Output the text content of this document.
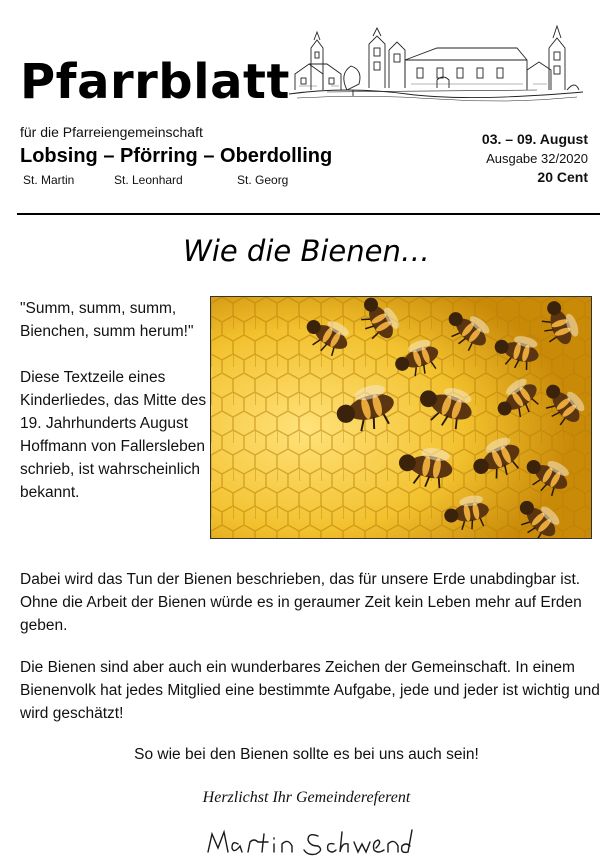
Pfarrblatt
für die Pfarreiengemeinschaft
Lobsing – Pförring – Oberdolling
St. Martin	St. Leonhard	St. Georg
03. – 09. August
Ausgabe 32/2020
20 Cent
Wie die Bienen…

"Summ, summ, summ, Bienchen, summ herum!"

Diese Textzeile eines Kinderliedes, das Mitte des 19. Jahrhunderts August Hoffmann von Fallersleben schrieb, ist wahrscheinlich bekannt.

Dabei wird das Tun der Bienen beschrieben, das für unsere Erde unabdingbar ist. Ohne die Arbeit der Bienen würde es in geraumer Zeit kein Leben mehr auf Erden geben.

Die Bienen sind aber auch ein wunderbares Zeichen der Gemeinschaft. In einem Bienenvolk hat jedes Mitglied eine bestimmte Aufgabe, jede und jeder ist wichtig und wird geschätzt!

So wie bei den Bienen sollte es bei uns auch sein!

Herzlichst Ihr Gemeindereferent
